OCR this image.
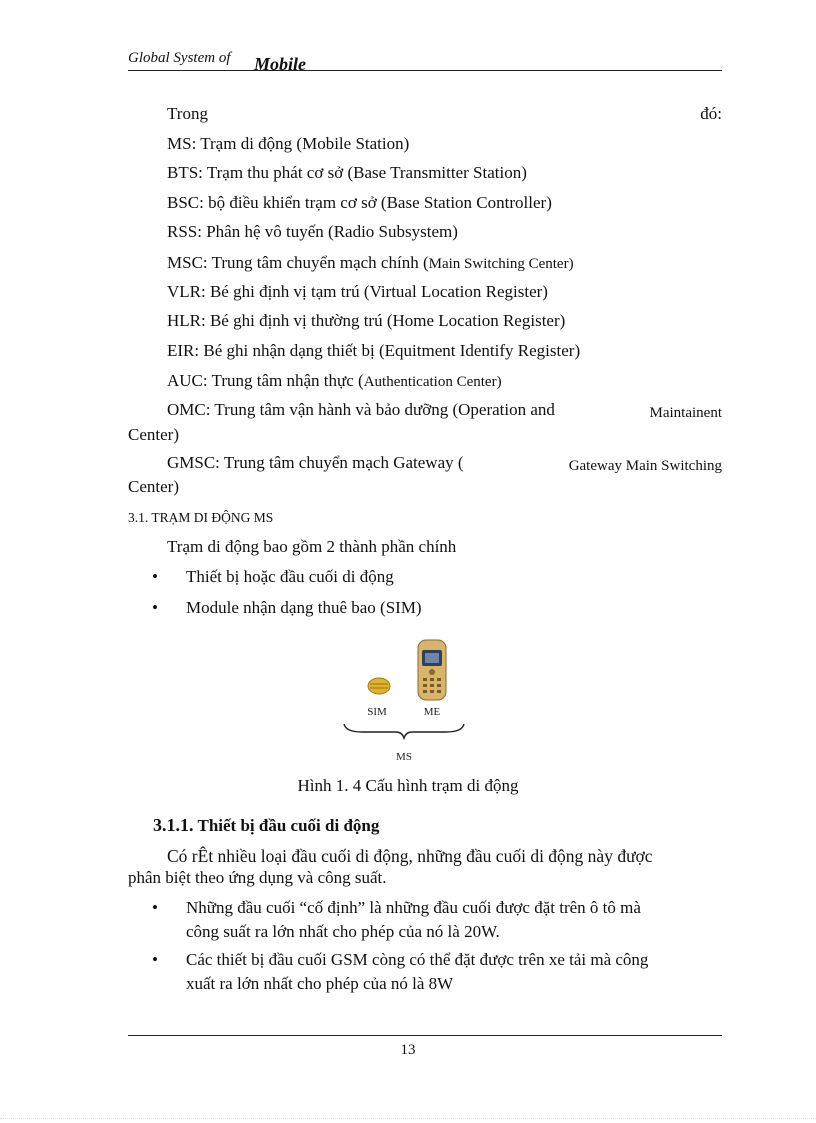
Global System of Mobile
Trong	đó:
MS: Trạm di động (Mobile Station)
BTS: Trạm thu phát cơ sở (Base Transmitter Station)
BSC: bộ điều khiển trạm cơ sở (Base Station Controller)
RSS: Phân hệ vô tuyến (Radio Subsystem)
MSC: Trung tâm chuyển mạch chính (Main Switching Center)
VLR: Bé ghi định vị tạm trú (Virtual Location Register)
HLR: Bé ghi định vị thường trú (Home Location Register)
EIR: Bé ghi nhận dạng thiết bị (Equitment Identify Register)
AUC: Trung tâm nhận thực (Authentication Center)
OMC: Trung tâm vận hành và bảo dưỡng (Operation and	Maintainent
Center)
GMSC: Trung tâm chuyển mạch Gateway (	Gateway Main Switching
Center)
3.1. TRẠM DI ĐỘNG MS
Trạm di động bao gồm 2 thành phần chính
• Thiết bị hoặc đầu cuối di động
• Module nhận dạng thuê bao (SIM)
SIM	ME
MS
Hình 1. 4 Cấu hình trạm di động
3.1.1. Thiết bị đầu cuối di động
Có rÊt nhiều loại đầu cuối di động, những đầu cuối di động này được
phân biệt theo ứng dụng và công suất.
• Những đầu cuối “cố định” là những đầu cuối được đặt trên ô tô mà
công suất ra lớn nhất cho phép của nó là 20W.
• Các thiết bị đầu cuối GSM còng có thể đặt được trên xe tải mà công
xuất ra lớn nhất cho phép của nó là 8W
13
